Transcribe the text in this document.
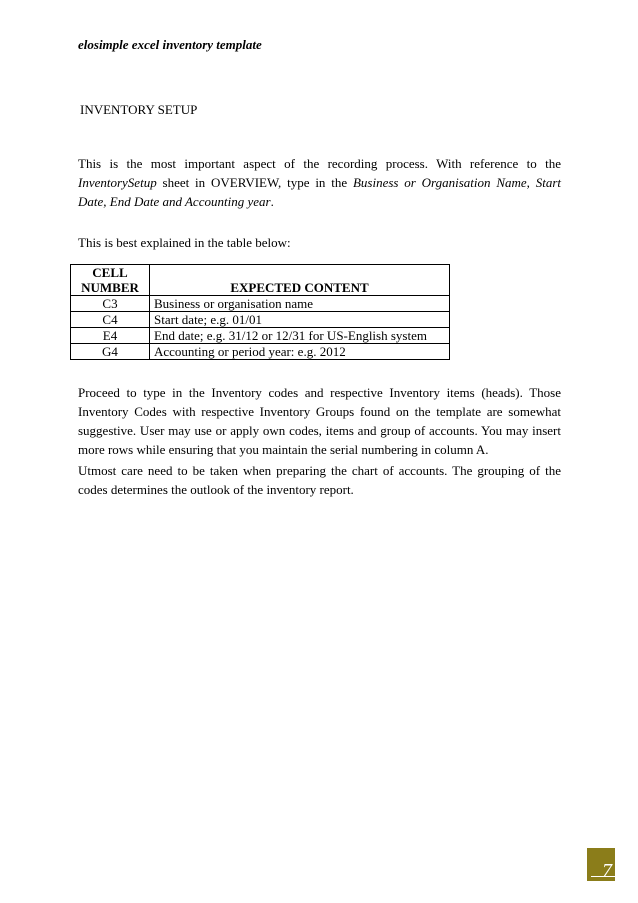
elosimple excel inventory template
INVENTORY SETUP
This is the most important aspect of the recording process. With reference to the InventorySetup sheet in OVERVIEW, type in the Business or Organisation Name, Start Date, End Date and Accounting year.
This is best explained in the table below:
CELL NUMBER	EXPECTED CONTENT
C3	Business or organisation name
C4	Start date; e.g. 01/01
E4	End date; e.g. 31/12 or 12/31 for US-English system
G4	Accounting or period year: e.g. 2012
Proceed to type in the Inventory codes and respective Inventory items (heads). Those Inventory Codes with respective Inventory Groups found on the template are somewhat suggestive. User may use or apply own codes, items and group of accounts. You may insert more rows while ensuring that you maintain the serial numbering in column A.
Utmost care need to be taken when preparing the chart of accounts. The grouping of the codes determines the outlook of the inventory report.
7
